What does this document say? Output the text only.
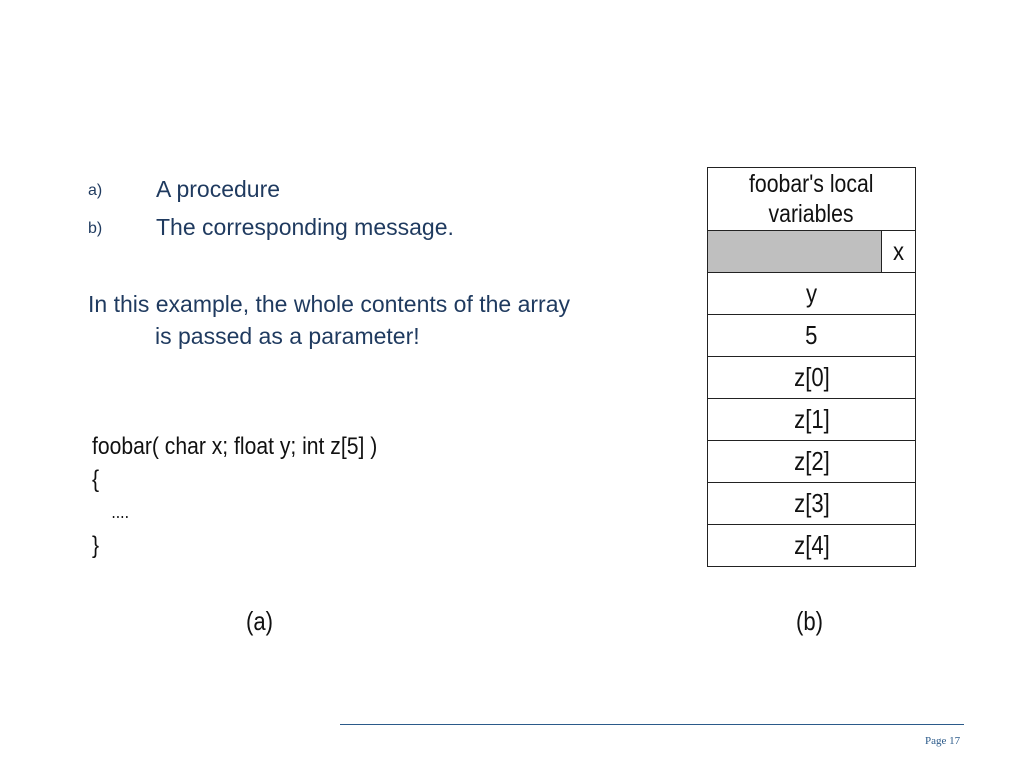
a) A procedure
b) The corresponding message.
In this example, the whole contents of the array
is passed as a parameter!
foobar( char x; float y; int z[5] )
{
....
}
(a)	(b)
foobar's local
variables
x
y
5
z[0]
z[1]
z[2]
z[3]
z[4]
Page 17
